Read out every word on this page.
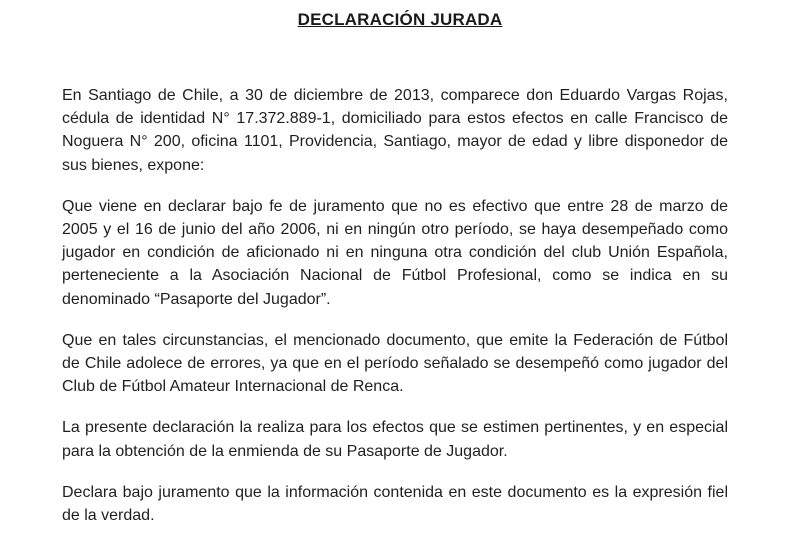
DECLARACIÓN JURADA

En Santiago de Chile, a 30 de diciembre de 2013, comparece don Eduardo Vargas Rojas, cédula de identidad N° 17.372.889-1, domiciliado para estos efectos en calle Francisco de Noguera N° 200, oficina 1101, Providencia, Santiago, mayor de edad y libre disponedor de sus bienes, expone:

Que viene en declarar bajo fe de juramento que no es efectivo que entre 28 de marzo de 2005 y el 16 de junio del año 2006, ni en ningún otro período, se haya desempeñado como jugador en condición de aficionado ni en ninguna otra condición del club Unión Española, perteneciente a la Asociación Nacional de Fútbol Profesional, como se indica en su denominado “Pasaporte del Jugador”.

Que en tales circunstancias, el mencionado documento, que emite la Federación de Fútbol de Chile adolece de errores, ya que en el período señalado se desempeñó como jugador del Club de Fútbol Amateur Internacional de Renca.

La presente declaración la realiza para los efectos que se estimen pertinentes, y en especial para la obtención de la enmienda de su Pasaporte de Jugador.

Declara bajo juramento que la información contenida en este documento es la expresión fiel de la verdad.
